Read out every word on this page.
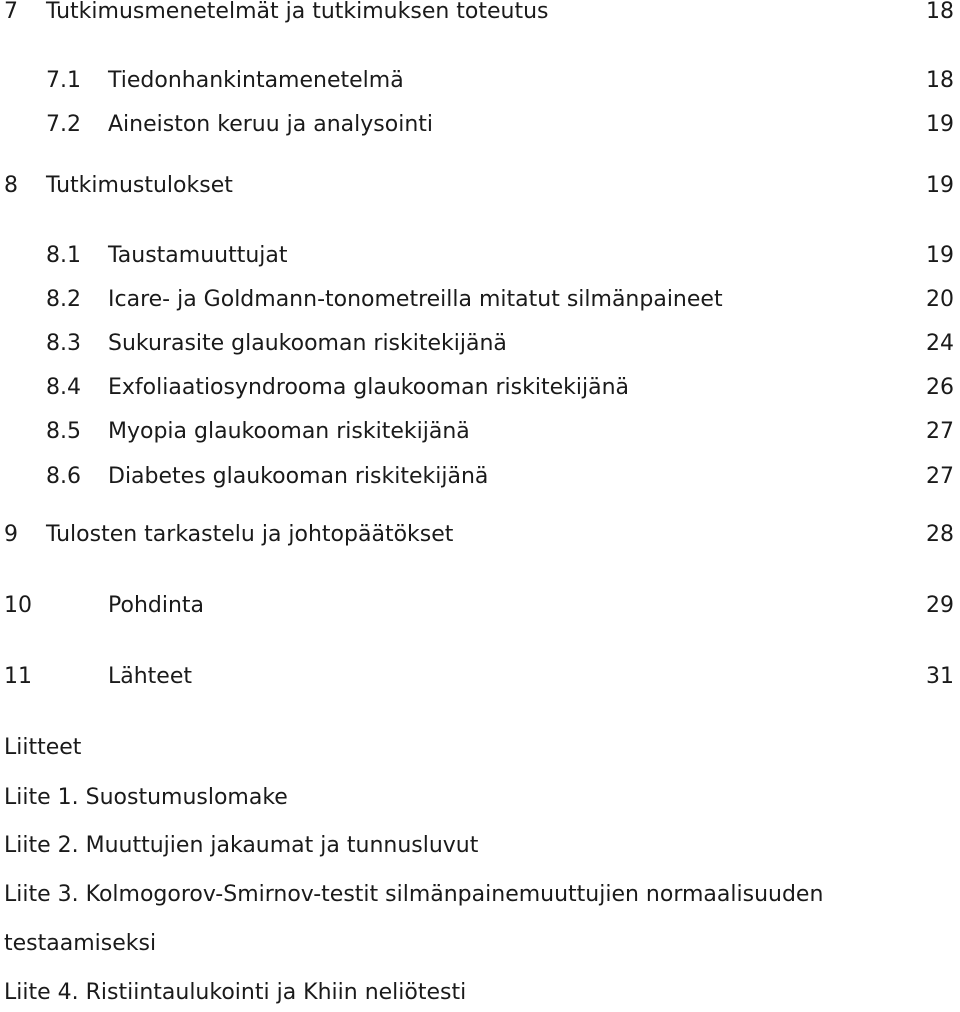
7 Tutkimusmenetelmät ja tutkimuksen toteutus	18
7.1 Tiedonhankintamenetelmä	18
7.2 Aineiston keruu ja analysointi	19
8 Tutkimustulokset	19
8.1 Taustamuuttujat	19
8.2 Icare- ja Goldmann-tonometreilla mitatut silmänpaineet	20
8.3 Sukurasite glaukooman riskitekijänä	24
8.4 Exfoliaatiosyndrooma glaukooman riskitekijänä	26
8.5 Myopia glaukooman riskitekijänä	27
8.6 Diabetes glaukooman riskitekijänä	27
9 Tulosten tarkastelu ja johtopäätökset	28
10	Pohdinta	29
11	Lähteet	31
Liitteet
Liite 1. Suostumuslomake
Liite 2. Muuttujien jakaumat ja tunnusluvut
Liite 3. Kolmogorov-Smirnov-testit silmänpainemuuttujien normaalisuuden
testaamiseksi
Liite 4. Ristiintaulukointi ja Khiin neliötesti
